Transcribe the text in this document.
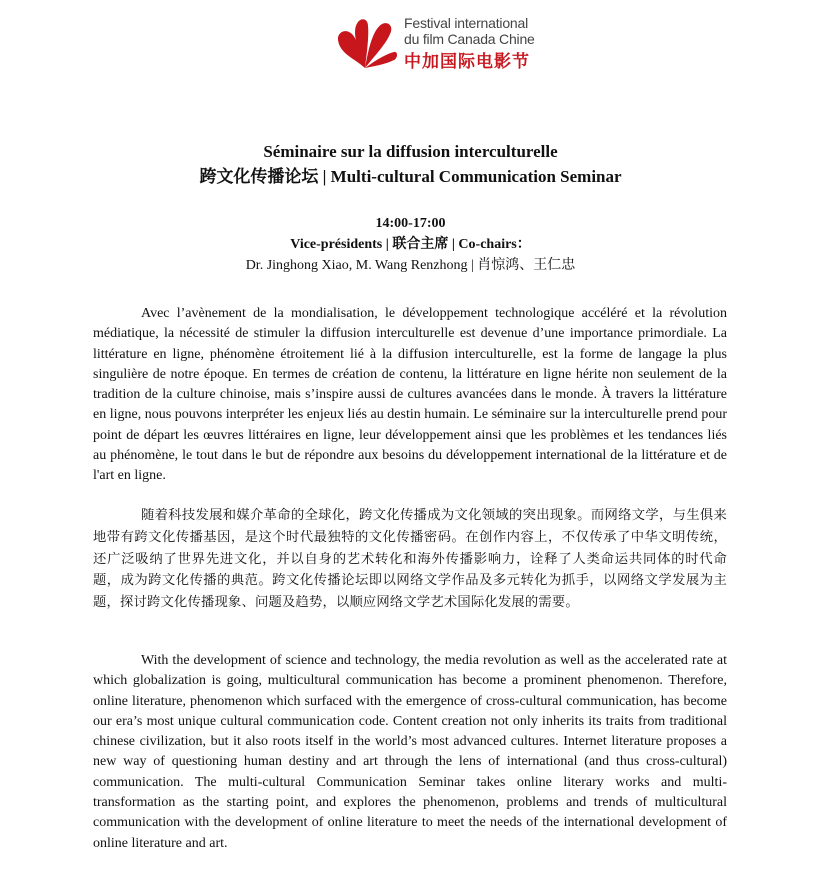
Festival international
du film Canada Chine
中加国际电影节
Séminaire sur la diffusion interculturelle
跨文化传播论坛 | Multi-cultural Communication Seminar
14:00-17:00
Vice-présidents | 联合主席 | Co-chairs：
Dr. Jinghong Xiao, M. Wang Renzhong | 肖惊鸿、王仁忠

Avec l’avènement de la mondialisation, le développement technologique accéléré et la révolution médiatique, la nécessité de stimuler la diffusion interculturelle est devenue d’une importance primordiale. La littérature en ligne, phénomène étroitement lié à la diffusion interculturelle, est la forme de langage la plus singulière de notre époque. En termes de création de contenu, la littérature en ligne hérite non seulement de la tradition de la culture chinoise, mais s’inspire aussi de cultures avancées dans le monde. À travers la littérature en ligne, nous pouvons interpréter les enjeux liés au destin humain. Le séminaire sur la interculturelle prend pour point de départ les œuvres littéraires en ligne, leur développement ainsi que les problèmes et les tendances liés au phénomène, le tout dans le but de répondre aux besoins du développement international de la littérature et de l'art en ligne.

随着科技发展和媒介革命的全球化，跨文化传播成为文化领域的突出现象。而网络文学，与生俱来地带有跨文化传播基因，是这个时代最独特的文化传播密码。在创作内容上，不仅传承了中华文明传统，还广泛吸纳了世界先进文化，并以自身的艺术转化和海外传播影响力，诠释了人类命运共同体的时代命题，成为跨文化传播的典范。跨文化传播论坛即以网络文学作品及多元转化为抓手，以网络文学发展为主题，探讨跨文化传播现象、问题及趋势，以顺应网络文学艺术国际化发展的需要。

With the development of science and technology, the media revolution as well as the accelerated rate at which globalization is going, multicultural communication has become a prominent phenomenon. Therefore, online literature, phenomenon which surfaced with the emergence of cross-cultural communication, has become our era’s most unique cultural communication code. Content creation not only inherits its traits from traditional chinese civilization, but it also roots itself in the world’s most advanced cultures. Internet literature proposes a new way of questioning human destiny and art through the lens of international (and thus cross-cultural) communication. The multi-cultural Communication Seminar takes online literary works and multi-transformation as the starting point, and explores the phenomenon, problems and trends of multicultural communication with the development of online literature to meet the needs of the international development of online literature and art.
